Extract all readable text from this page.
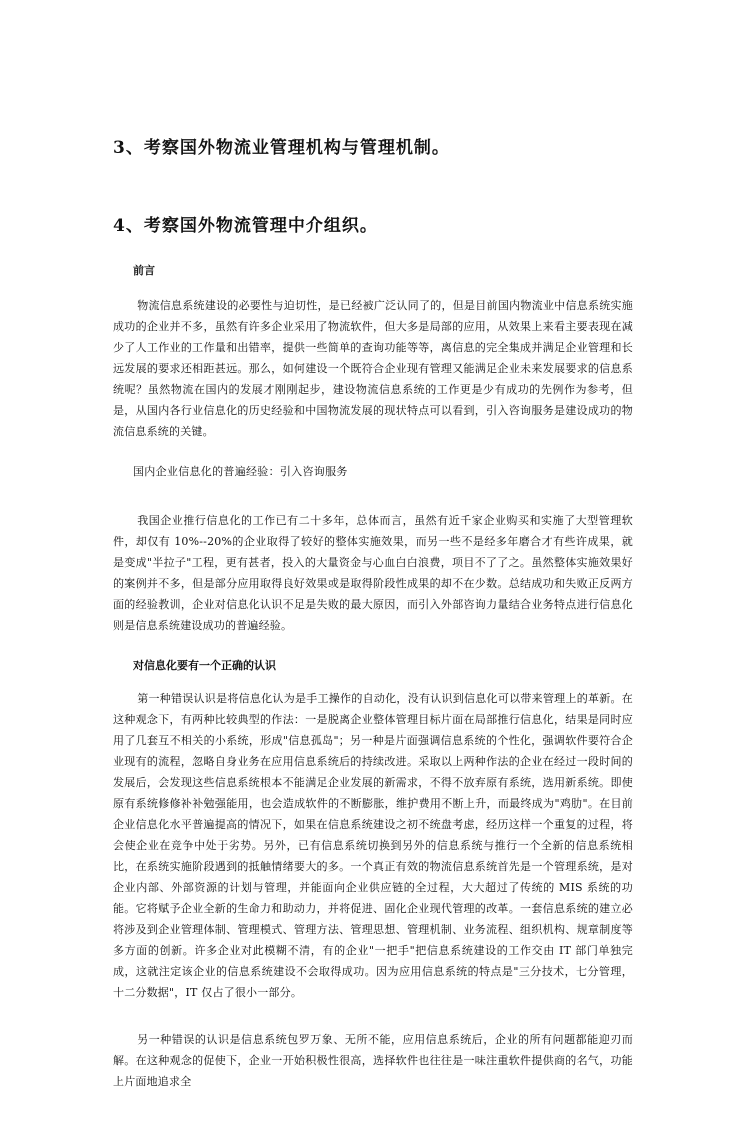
3、考察国外物流业管理机构与管理机制。
4、考察国外物流管理中介组织。

前言

物流信息系统建设的必要性与迫切性，是已经被广泛认同了的，但是目前国内物流业中信息系统实施成功的企业并不多，虽然有许多企业采用了物流软件，但大多是局部的应用，从效果上来看主要表现在减少了人工作业的工作量和出错率，提供一些简单的查询功能等等，离信息的完全集成并满足企业管理和长远发展的要求还相距甚远。那么，如何建设一个既符合企业现有管理又能满足企业未来发展要求的信息系统呢？虽然物流在国内的发展才刚刚起步，建设物流信息系统的工作更是少有成功的先例作为参考，但是，从国内各行业信息化的历史经验和中国物流发展的现状特点可以看到，引入咨询服务是建设成功的物流信息系统的关键。

国内企业信息化的普遍经验：引入咨询服务

我国企业推行信息化的工作已有二十多年，总体而言，虽然有近千家企业购买和实施了大型管理软件，却仅有 10%--20%的企业取得了较好的整体实施效果，而另一些不是经多年磨合才有些许成果，就是变成"半拉子"工程，更有甚者，投入的大量资金与心血白白浪费，项目不了了之。虽然整体实施效果好的案例并不多，但是部分应用取得良好效果或是取得阶段性成果的却不在少数。总结成功和失败正反两方面的经验教训，企业对信息化认识不足是失败的最大原因，而引入外部咨询力量结合业务特点进行信息化则是信息系统建设成功的普遍经验。

对信息化要有一个正确的认识

第一种错误认识是将信息化认为是手工操作的自动化，没有认识到信息化可以带来管理上的革新。在这种观念下，有两种比较典型的作法：一是脱离企业整体管理目标片面在局部推行信息化，结果是同时应用了几套互不相关的小系统，形成"信息孤岛"；另一种是片面强调信息系统的个性化，强调软件要符合企业现有的流程，忽略自身业务在应用信息系统后的持续改进。采取以上两种作法的企业在经过一段时间的发展后，会发现这些信息系统根本不能满足企业发展的新需求，不得不放弃原有系统，选用新系统。即使原有系统修修补补勉强能用，也会造成软件的不断膨胀，维护费用不断上升，而最终成为"鸡肋"。在目前企业信息化水平普遍提高的情况下，如果在信息系统建设之初不统盘考虑，经历这样一个重复的过程，将会使企业在竞争中处于劣势。另外，已有信息系统切换到另外的信息系统与推行一个全新的信息系统相比，在系统实施阶段遇到的抵触情绪要大的多。一个真正有效的物流信息系统首先是一个管理系统，是对企业内部、外部资源的计划与管理，并能面向企业供应链的全过程，大大超过了传统的 MIS 系统的功能。它将赋予企业全新的生命力和助动力，并将促进、固化企业现代管理的改革。一套信息系统的建立必将涉及到企业管理体制、管理模式、管理方法、管理思想、管理机制、业务流程、组织机构、规章制度等多方面的创新。许多企业对此模糊不清，有的企业"一把手"把信息系统建设的工作交由 IT 部门单独完成，这就注定该企业的信息系统建设不会取得成功。因为应用信息系统的特点是"三分技术，七分管理，十二分数据"，IT 仅占了很小一部分。

另一种错误的认识是信息系统包罗万象、无所不能，应用信息系统后，企业的所有问题都能迎刃而解。在这种观念的促使下，企业一开始积极性很高，选择软件也往往是一味注重软件提供商的名气，功能上片面地追求全
